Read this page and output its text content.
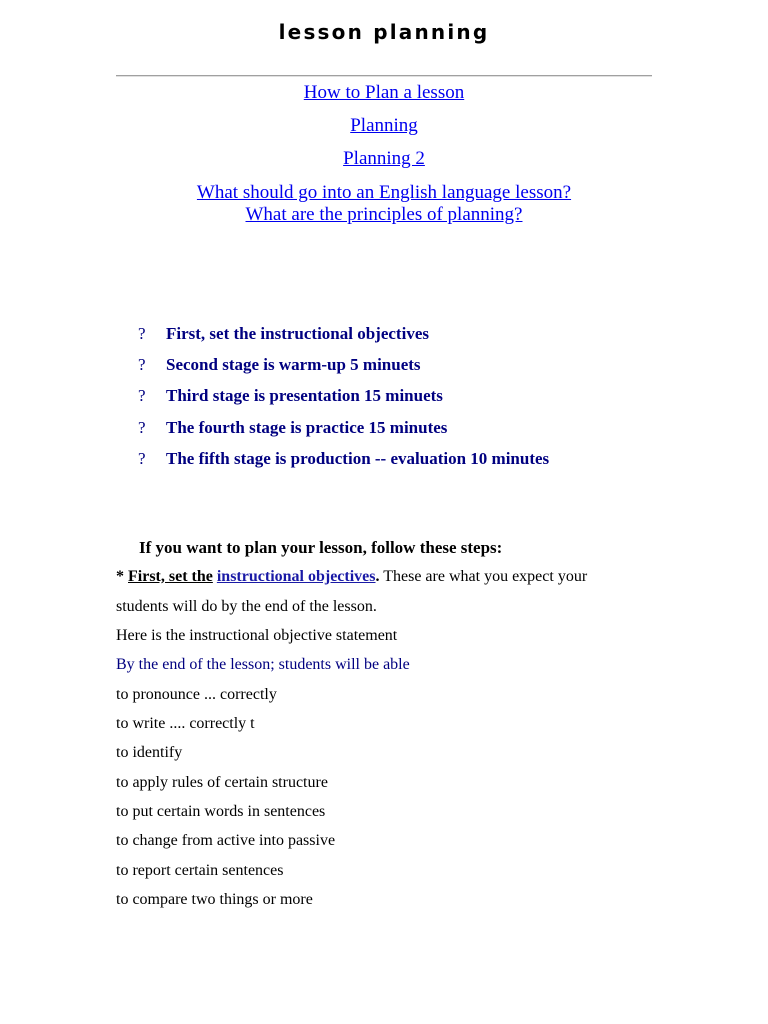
lesson planning
How to Plan a lesson
Planning
Planning 2
What should go into an English language lesson?
What are the principles of planning?
? First, set the instructional objectives
? Second stage is warm-up 5 minuets
? Third stage is presentation 15 minuets
? The fourth stage is practice 15 minutes
? The fifth stage is production -- evaluation 10 minutes
If you want to plan your lesson, follow these steps:
* First, set the instructional objectives. These are what you expect your
students will do by the end of the lesson.
Here is the instructional objective statement
By the end of the lesson; students will be able
to pronounce ... correctly
to write .... correctly t
to identify
to apply rules of certain structure
to put certain words in sentences
to change from active into passive
to report certain sentences
to compare two things or more
